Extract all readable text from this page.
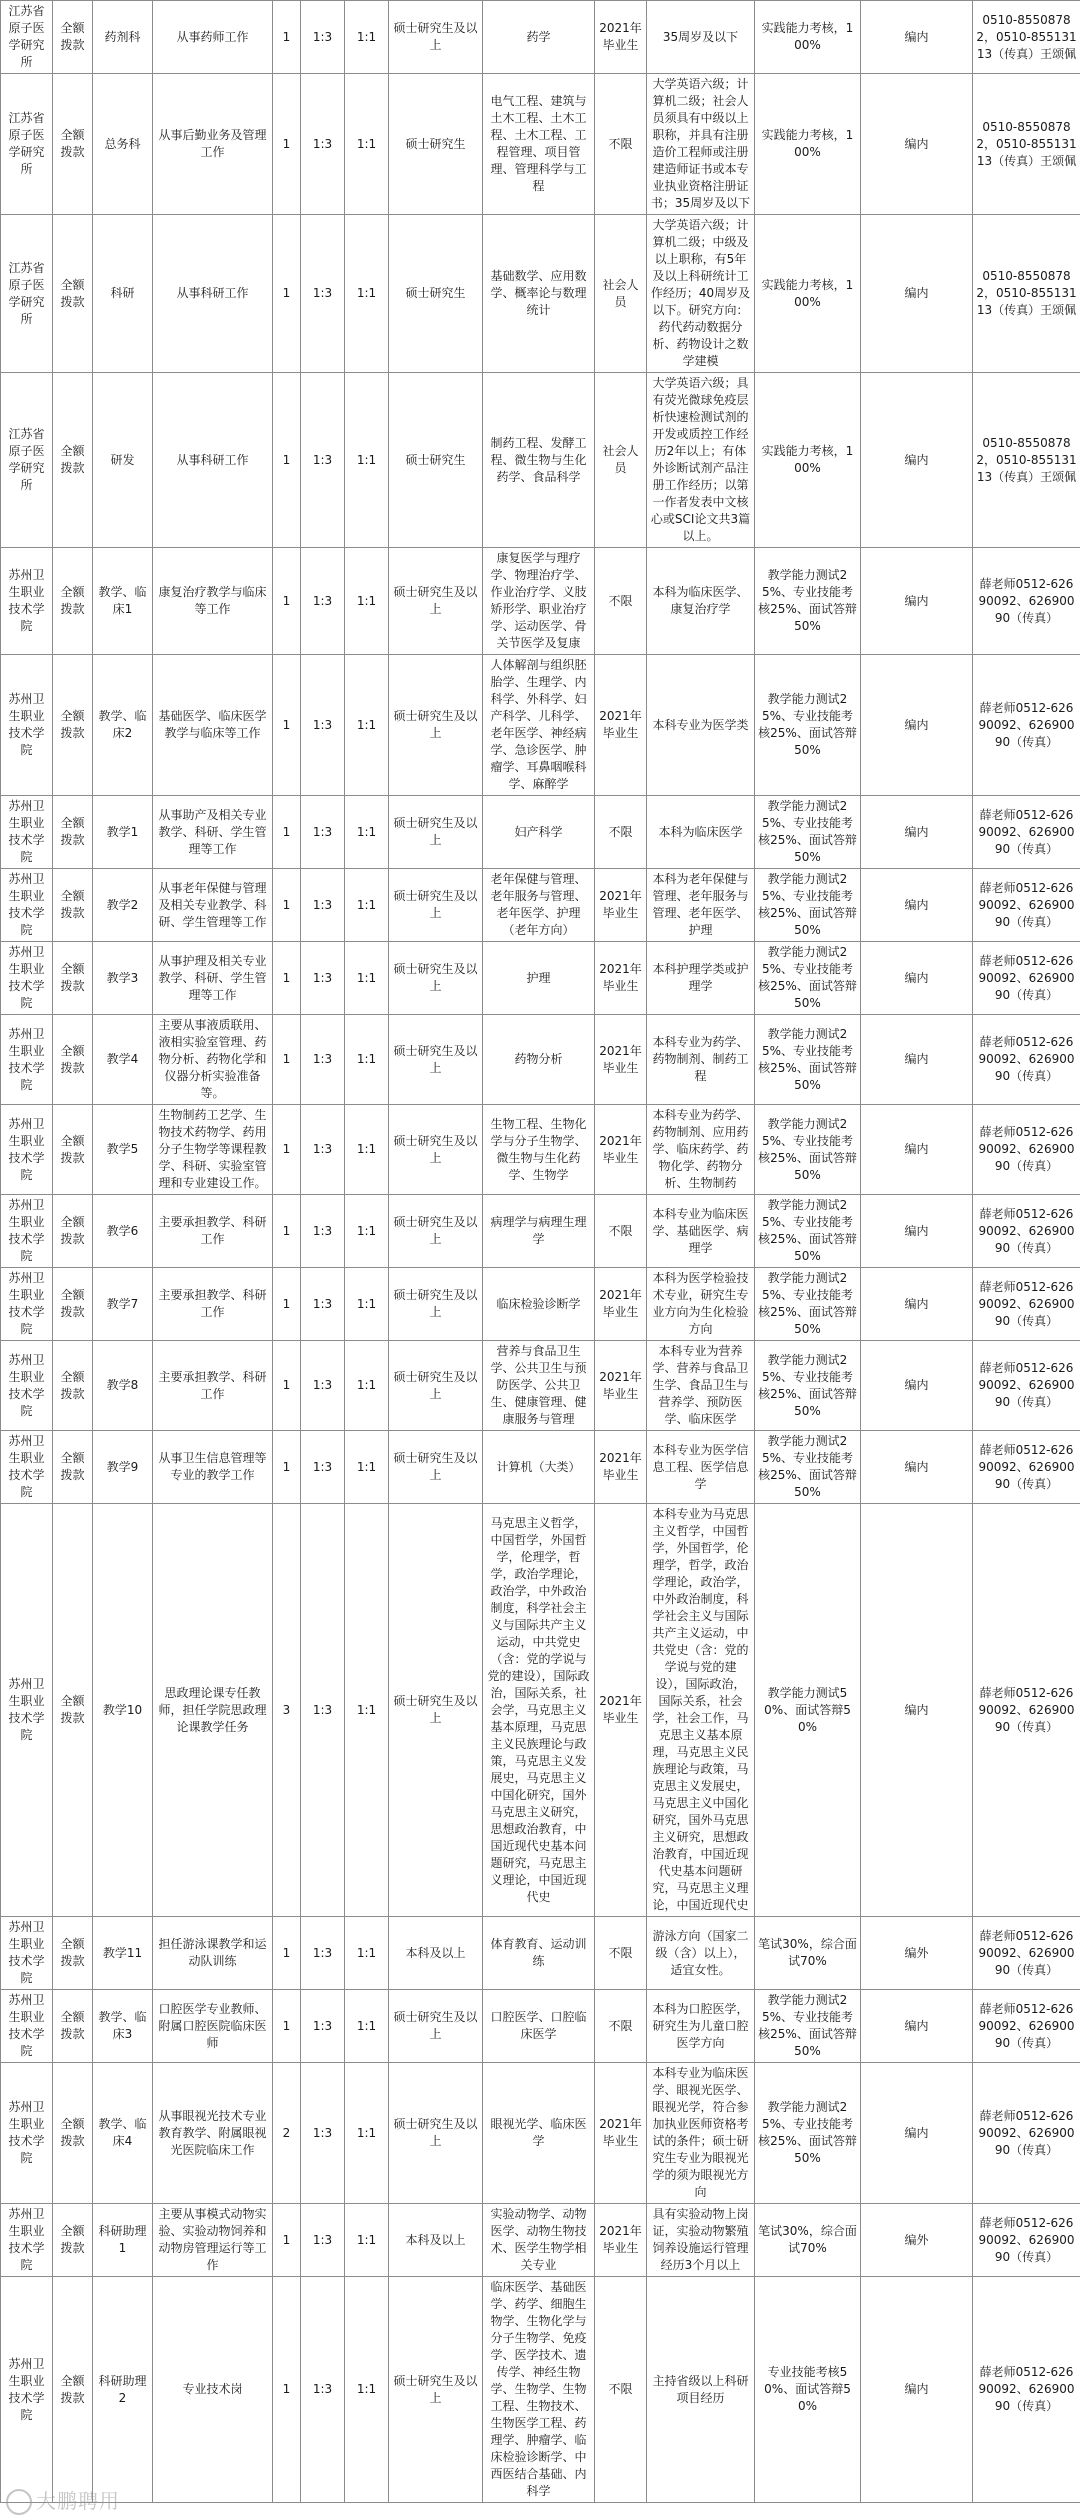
江苏省原子医学研究所	全额拨款	药剂科	从事药师工作	1	1:3	1:1	硕士研究生及以上	药学	2021年毕业生	35周岁及以下	实践能力考核，100%	编内	0510-85508782，0510-85513113（传真）王颂佩
江苏省原子医学研究所	全额拨款	总务科	从事后勤业务及管理工作	1	1:3	1:1	硕士研究生	电气工程、建筑与土木工程、土木工程、土木工程、工程管理、项目管理、管理科学与工程	不限	大学英语六级；计算机二级；社会人员须具有中级以上职称，并具有注册造价工程师或注册建造师证书或本专业执业资格注册证书；35周岁及以下	实践能力考核，100%	编内	0510-85508782，0510-85513113（传真）王颂佩
江苏省原子医学研究所	全额拨款	科研	从事科研工作	1	1:3	1:1	硕士研究生	基础数学、应用数学、概率论与数理统计	社会人员	大学英语六级；计算机二级；中级及以上职称，有5年及以上科研统计工作经历；40周岁及以下。研究方向：药代药动数据分析、药物设计之数学建模	实践能力考核，100%	编内	0510-85508782，0510-85513113（传真）王颂佩
江苏省原子医学研究所	全额拨款	研发	从事科研工作	1	1:3	1:1	硕士研究生	制药工程、发酵工程、微生物与生化药学、食品科学	社会人员	大学英语六级；具有荧光微球免疫层析快速检测试剂的开发或质控工作经历2年以上；有体外诊断试剂产品注册工作经历；以第一作者发表中文核心或SCI论文共3篇以上。	实践能力考核，100%	编内	0510-85508782，0510-85513113（传真）王颂佩
苏州卫生职业技术学院	全额拨款	教学、临床1	康复治疗教学与临床等工作	1	1:3	1:1	硕士研究生及以上	康复医学与理疗学、物理治疗学、作业治疗学、义肢矫形学、职业治疗学、运动医学、骨关节医学及复康	不限	本科为临床医学、康复治疗学	教学能力测试25%、专业技能考核25%、面试答辩50%	编内	薛老师0512-62690092、62690090（传真）
苏州卫生职业技术学院	全额拨款	教学、临床2	基础医学、临床医学教学与临床等工作	1	1:3	1:1	硕士研究生及以上	人体解剖与组织胚胎学、生理学、内科学、外科学、妇产科学、儿科学、老年医学、神经病学、急诊医学、肿瘤学、耳鼻咽喉科学、麻醉学	2021年毕业生	本科专业为医学类	教学能力测试25%、专业技能考核25%、面试答辩50%	编内	薛老师0512-62690092、62690090（传真）
苏州卫生职业技术学院	全额拨款	教学1	从事助产及相关专业教学、科研、学生管理等工作	1	1:3	1:1	硕士研究生及以上	妇产科学	不限	本科为临床医学	教学能力测试25%、专业技能考核25%、面试答辩50%	编内	薛老师0512-62690092、62690090（传真）
苏州卫生职业技术学院	全额拨款	教学2	从事老年保健与管理及相关专业教学、科研、学生管理等工作	1	1:3	1:1	硕士研究生及以上	老年保健与管理、老年服务与管理、老年医学、护理（老年方向）	2021年毕业生	本科为老年保健与管理、老年服务与管理、老年医学、护理	教学能力测试25%、专业技能考核25%、面试答辩50%	编内	薛老师0512-62690092、62690090（传真）
苏州卫生职业技术学院	全额拨款	教学3	从事护理及相关专业教学、科研、学生管理等工作	1	1:3	1:1	硕士研究生及以上	护理	2021年毕业生	本科护理学类或护理学	教学能力测试25%、专业技能考核25%、面试答辩50%	编内	薛老师0512-62690092、62690090（传真）
苏州卫生职业技术学院	全额拨款	教学4	主要从事液质联用、液相实验室管理、药物分析、药物化学和仪器分析实验准备等。	1	1:3	1:1	硕士研究生及以上	药物分析	2021年毕业生	本科专业为药学、药物制剂、制药工程	教学能力测试25%、专业技能考核25%、面试答辩50%	编内	薛老师0512-62690092、62690090（传真）
苏州卫生职业技术学院	全额拨款	教学5	生物制药工艺学、生物技术药物学、药用分子生物学等课程教学、科研、实验室管理和专业建设工作。	1	1:3	1:1	硕士研究生及以上	生物工程、生物化学与分子生物学、微生物与生化药学、生物学	2021年毕业生	本科专业为药学、药物制剂、应用药学、临床药学、药物化学、药物分析、生物制药	教学能力测试25%、专业技能考核25%、面试答辩50%	编内	薛老师0512-62690092、62690090（传真）
苏州卫生职业技术学院	全额拨款	教学6	主要承担教学、科研工作	1	1:3	1:1	硕士研究生及以上	病理学与病理生理学	不限	本科专业为临床医学、基础医学、病理学	教学能力测试25%、专业技能考核25%、面试答辩50%	编内	薛老师0512-62690092、62690090（传真）
苏州卫生职业技术学院	全额拨款	教学7	主要承担教学、科研工作	1	1:3	1:1	硕士研究生及以上	临床检验诊断学	2021年毕业生	本科为医学检验技术专业，研究生专业方向为生化检验方向	教学能力测试25%、专业技能考核25%、面试答辩50%	编内	薛老师0512-62690092、62690090（传真）
苏州卫生职业技术学院	全额拨款	教学8	主要承担教学、科研工作	1	1:3	1:1	硕士研究生及以上	营养与食品卫生学、公共卫生与预防医学、公共卫生、健康管理、健康服务与管理	2021年毕业生	本科专业为营养学、营养与食品卫生学、食品卫生与营养学、预防医学、临床医学	教学能力测试25%、专业技能考核25%、面试答辩50%	编内	薛老师0512-62690092、62690090（传真）
苏州卫生职业技术学院	全额拨款	教学9	从事卫生信息管理等专业的教学工作	1	1:3	1:1	硕士研究生及以上	计算机（大类）	2021年毕业生	本科专业为医学信息工程、医学信息学	教学能力测试25%、专业技能考核25%、面试答辩50%	编内	薛老师0512-62690092、62690090（传真）
苏州卫生职业技术学院	全额拨款	教学10	思政理论课专任教师，担任学院思政理论课教学任务	3	1:3	1:1	硕士研究生及以上	马克思主义哲学，中国哲学，外国哲学，伦理学，哲学，政治学理论，政治学，中外政治制度，科学社会主义与国际共产主义运动，中共党史（含：党的学说与党的建设），国际政治，国际关系，社会学，马克思主义基本原理，马克思主义民族理论与政策，马克思主义发展史，马克思主义中国化研究，国外马克思主义研究，思想政治教育，中国近现代史基本问题研究，马克思主义理论，中国近现代史	2021年毕业生	本科专业为马克思主义哲学，中国哲学，外国哲学，伦理学，哲学，政治学理论，政治学，中外政治制度，科学社会主义与国际共产主义运动，中共党史（含：党的学说与党的建设），国际政治，国际关系，社会学，社会工作，马克思主义基本原理，马克思主义民族理论与政策，马克思主义发展史，马克思主义中国化研究，国外马克思主义研究，思想政治教育，中国近现代史基本问题研究，马克思主义理论，中国近现代史	教学能力测试50%、面试答辩50%	编内	薛老师0512-62690092、62690090（传真）
苏州卫生职业技术学院	全额拨款	教学11	担任游泳课教学和运动队训练	1	1:3	1:1	本科及以上	体育教育、运动训练	不限	游泳方向（国家二级（含）以上），适宜女性。	笔试30%，综合面试70%	编外	薛老师0512-62690092、62690090（传真）
苏州卫生职业技术学院	全额拨款	教学、临床3	口腔医学专业教师、附属口腔医院临床医师	1	1:3	1:1	硕士研究生及以上	口腔医学、口腔临床医学	不限	本科为口腔医学，研究生为儿童口腔医学方向	教学能力测试25%、专业技能考核25%、面试答辩50%	编内	薛老师0512-62690092、62690090（传真）
苏州卫生职业技术学院	全额拨款	教学、临床4	从事眼视光技术专业教育教学、附属眼视光医院临床工作	2	1:3	1:1	硕士研究生及以上	眼视光学、临床医学	2021年毕业生	本科专业为临床医学、眼视光医学、眼视光学，符合参加执业医师资格考试的条件；硕士研究生专业为眼视光学的须为眼视光方向	教学能力测试25%、专业技能考核25%、面试答辩50%	编内	薛老师0512-62690092、62690090（传真）
苏州卫生职业技术学院	全额拨款	科研助理1	主要从事模式动物实验、实验动物饲养和动物房管理运行等工作	1	1:3	1:1	本科及以上	实验动物学、动物医学、动物生物技术、医学生物学相关专业	2021年毕业生	具有实验动物上岗证，实验动物繁殖饲养设施运行管理经历3个月以上	笔试30%，综合面试70%	编外	薛老师0512-62690092、62690090（传真）
苏州卫生职业技术学院	全额拨款	科研助理2	专业技术岗	1	1:3	1:1	硕士研究生及以上	临床医学、基础医学、药学、细胞生物学、生物化学与分子生物学、免疫学、医学技术、遗传学、神经生物学、生物学、生物工程、生物技术、生物医学工程、药理学、肿瘤学、临床检验诊断学、中西医结合基础、内科学	不限	主持省级以上科研项目经历	专业技能考核50%、面试答辩50%	编内	薛老师0512-62690092、62690090（传真）
大鹏聘用
